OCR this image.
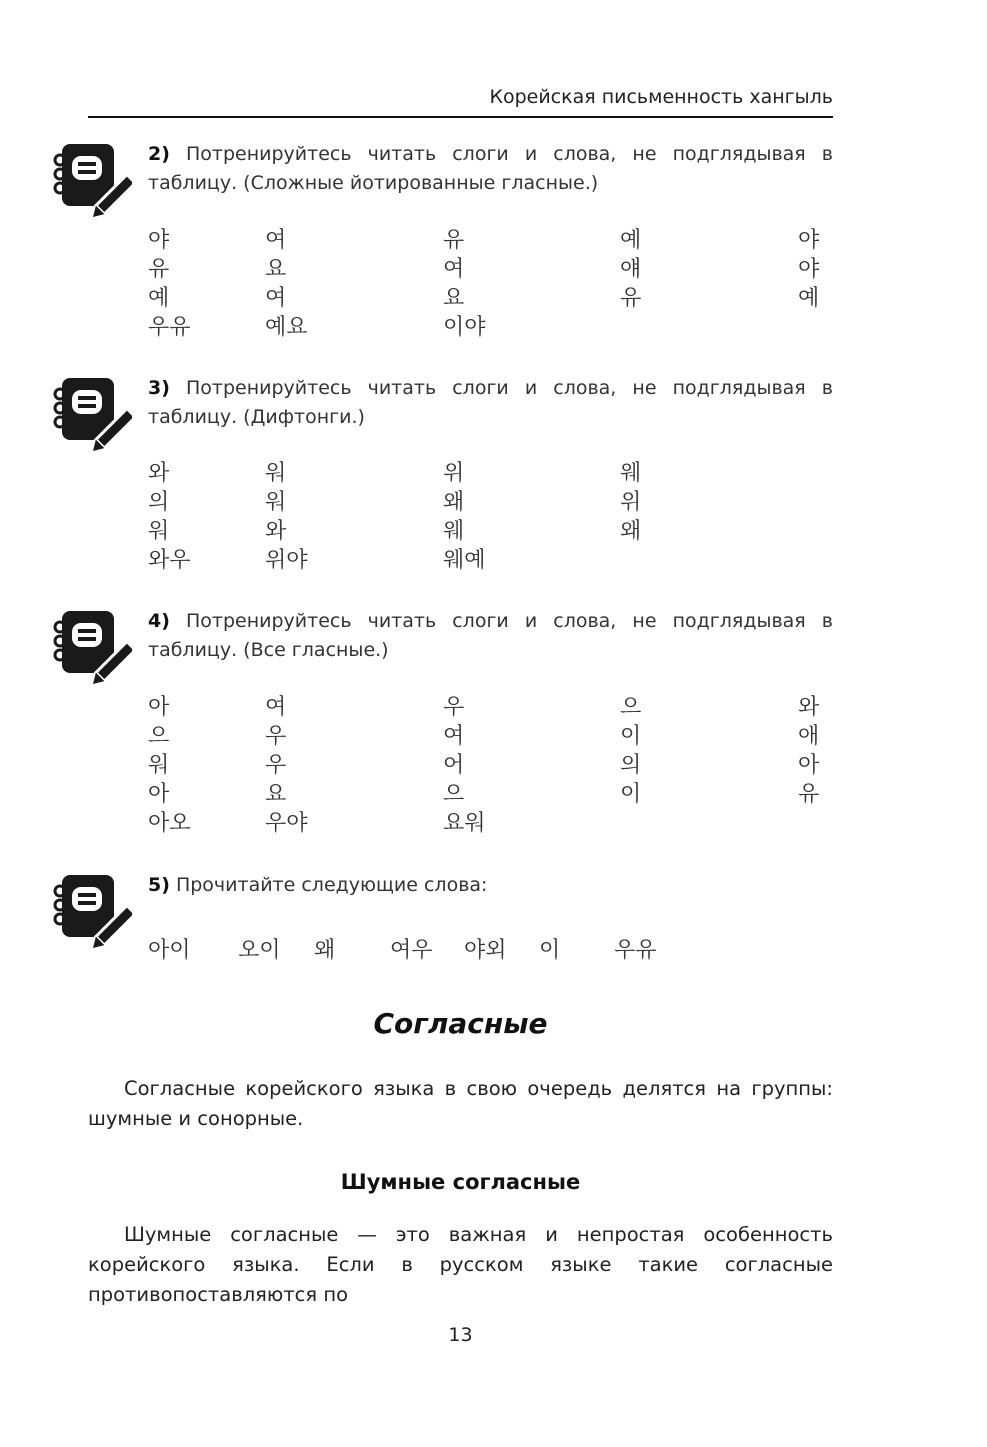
Корейская письменность хангыль
2) Потренируйтесь читать слоги и слова, не подглядывая в таблицу. (Сложные йотированные гласные.)
야	여	유	예	야
유	요	여	얘	야
예	여	요	유	예
우유	예요	이야
3) Потренируйтесь читать слоги и слова, не подглядывая в таблицу. (Дифтонги.)
와	워	위	웨
의	워	왜	위
워	와	웨	왜
와우	위야	웨예
4) Потренируйтесь читать слоги и слова, не подглядывая в таблицу. (Все гласные.)
아	여	우	으	와
으	우	여	이	애
워	우	어	의	아
아	요	으	이	유
아오	우야	요워
5) Прочитайте следующие слова:
아이 오이 왜 여우 야외 이 우유
Согласные
Согласные корейского языка в свою очередь делятся на группы: шумные и сонорные.
Шумные согласные
Шумные согласные — это важная и непростая особенность корейского языка. Если в русском языке такие согласные противопоставляются по
13
